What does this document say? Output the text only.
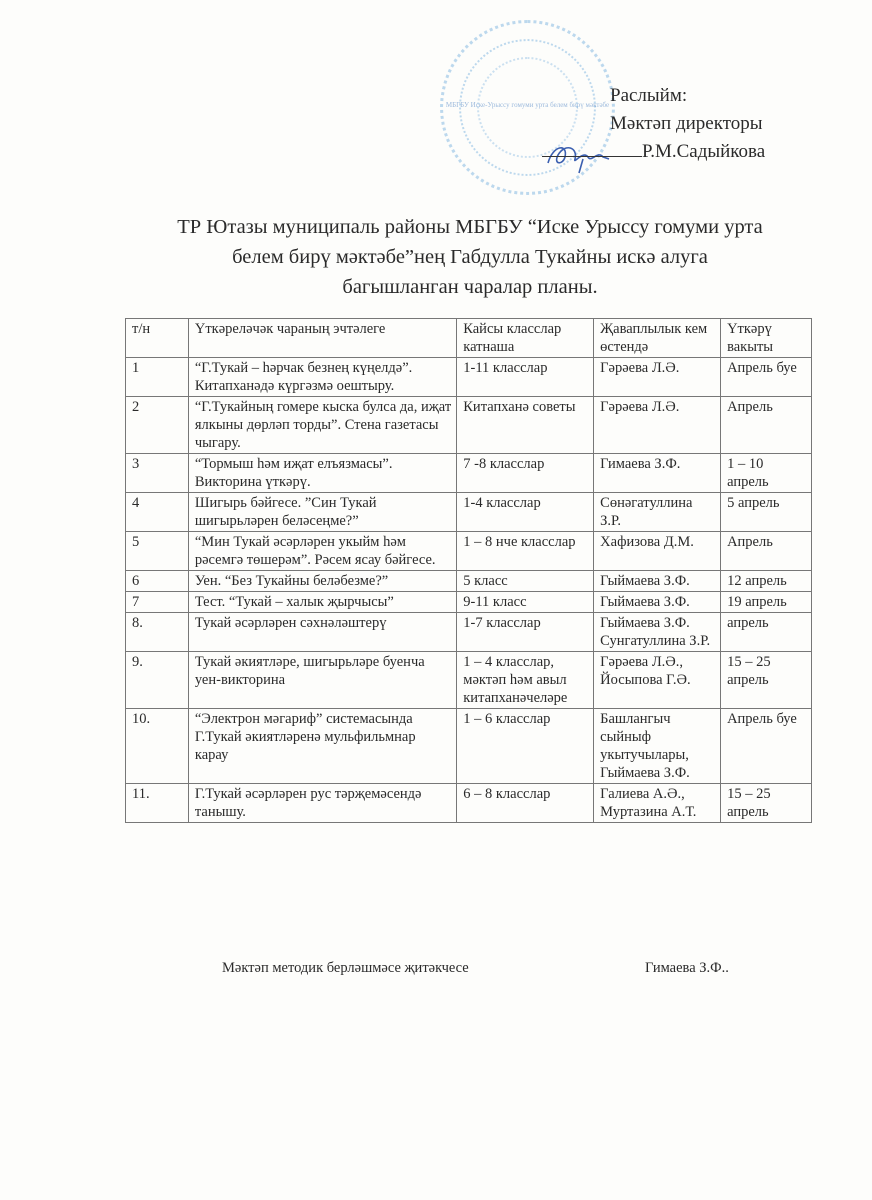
МБГБУ Иске-Урыссу гомуми урта белем бирү мәктәбе Раслыйм:
Мәктәп директоры
Р.М.Садыйкова
ТР Ютазы муниципаль районы МБГБУ “Иске Урыссу гомуми урта
белем бирү мәктәбе”нең Габдулла Тукайны искә алуга
багышланган чаралар планы.
т/н	Үткәреләчәк чараның эчтәлеге	Кайсы класслар катнаша	Җаваплылык кем өстендә	Үткәрү вакыты
1	“Г.Тукай – һәрчак безнең күңелдә”. Китапханәдә күргәзмә оештыру.	1-11 класслар	Гәрәева Л.Ә.	Апрель буе
2	“Г.Тукайның гомере кыска булса да, иҗат ялкыны дөрләп торды”. Стена газетасы чыгару.	Китапханә советы	Гәрәева Л.Ә.	Апрель
3	“Тормыш һәм иҗат елъязмасы”. Викторина үткәрү.	7 -8 класслар	Гимаева З.Ф.	1 – 10 апрель
4	Шигырь бәйгесе. ”Син Тукай шигырьләрен беләсеңме?”	1-4 класслар	Сөнәгатуллина З.Р.	5 апрель
5	“Мин Тукай әсәрләрен укыйм һәм рәсемгә төшерәм”. Рәсем ясау бәйгесе.	1 – 8 нче класслар	Хафизова Д.М.	Апрель
6	Уен. “Без Тукайны беләбезме?”	5 класс	Гыймаева З.Ф.	12 апрель
7	Тест. “Тукай – халык җырчысы”	9-11 класс	Гыймаева З.Ф.	19 апрель
8.	Тукай әсәрләрен сәхнәләштерү	1-7 класслар	Гыймаева З.Ф. Сунгатуллина З.Р.	апрель
9.	Тукай әкиятләре, шигырьләре буенча уен-викторина	1 – 4 класслар, мәктәп һәм авыл китапханәчеләре	Гәрәева Л.Ә., Йосыпова Г.Ә.	15 – 25 апрель
10.	“Электрон мәгариф” системасында Г.Тукай әкиятләренә мульфильмнар карау	1 – 6 класслар	Башлангыч сыйныф укытучылары, Гыймаева З.Ф.	Апрель буе
11.	Г.Тукай әсәрләрен рус тәрҗемәсендә танышу.	6 – 8 класслар	Галиева А.Ә., Муртазина А.Т.	15 – 25 апрель
Мәктәп методик берләшмәсе җитәкчесе	Гимаева З.Ф..
